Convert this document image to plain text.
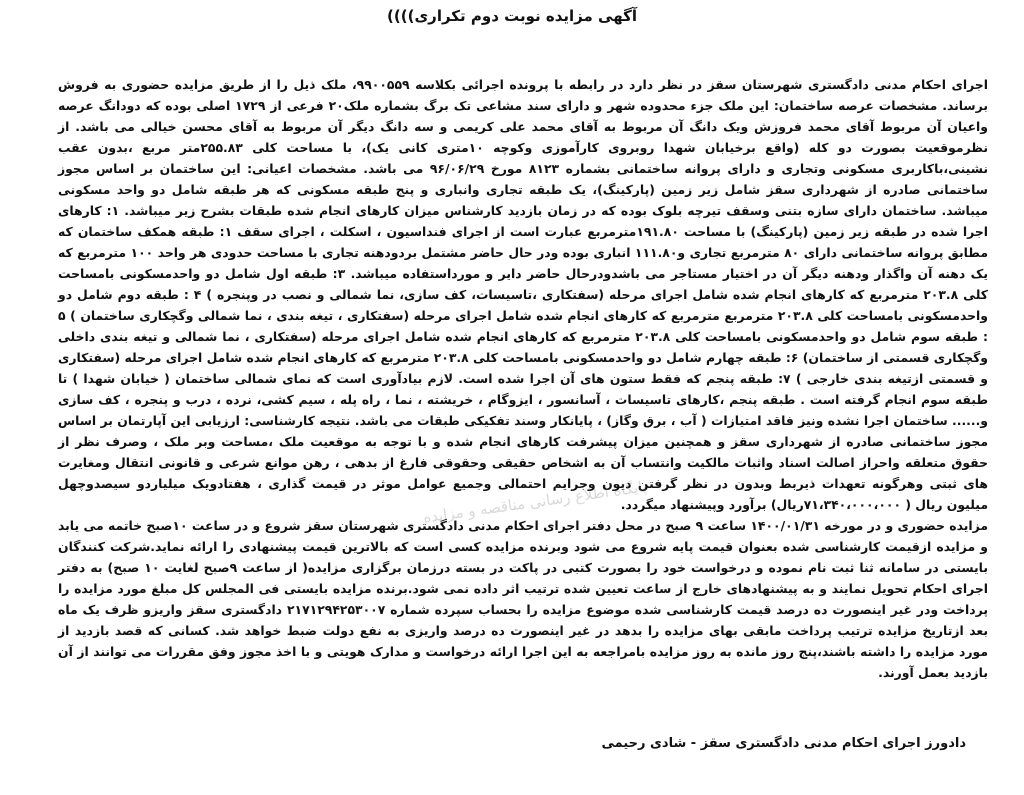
آگهی مزایده نوبت دوم تکراری))))

اجرای احکام مدنی دادگستری شهرستان سقز در نظر دارد در رابطه با پرونده اجرائی بکلاسه ۹۹۰۰۵۵۹، ملک ذیل را از طریق مزایده حضوری به فروش برساند. مشخصات عرصه ساختمان: این ملک جزء محدوده شهر و دارای سند مشاعی تک برگ بشماره ملک۲۰ فرعی از ۱۷۲۹ اصلی بوده که دودانگ عرصه واعیان آن مربوط آقای محمد فروزش ویک دانگ آن مربوط به آقای محمد علی کریمی و سه دانگ دیگر آن مربوط به آقای محسن خیالی می باشد. از نظرموقعیت بصورت دو کله (واقع برخیابان شهدا روبروی کارآموزی وکوچه ۱۰متری کانی یک)، با مساحت کلی ۲۵۵.۸۳متر مربع ،بدون عقب نشینی،باکاربری مسکونی وتجاری و دارای پروانه ساختمانی بشماره ۸۱۲۳ مورخ ۹۶/۰۶/۲۹ می باشد. مشخصات اعیانی: این ساختمان بر اساس مجوز ساختمانی صادره از شهرداری سقز شامل زیر زمین (پارکینگ)، یک طبقه تجاری وانباری و پنج طبقه مسکونی که هر طبقه شامل دو واحد مسکونی میباشد. ساختمان دارای سازه بتنی وسقف تیرچه بلوک بوده که در زمان بازدید کارشناس میزان کارهای انجام شده طبقات بشرح زیر میباشد. ۱: کارهای اجرا شده در طبقه زیر زمین (پارکینگ) با مساحت ۱۹۱.۸۰مترمربع عبارت است از اجرای فنداسیون ، اسکلت ، اجرای سقف ۱: طبقه همکف ساختمان که مطابق پروانه ساختمانی دارای ۸۰ مترمربع تجاری و۱۱۱.۸۰ انباری بوده ودر حال حاضر مشتمل بردودهنه تجاری با مساحت حدودی هر واحد ۱۰۰ مترمربع که یک دهنه آن واگذار ودهنه دیگر آن در اختیار مستاجر می باشدودرحال حاضر دایر و مورداستفاده میباشد. ۳: طبقه اول شامل دو واحدمسکونی بامساحت کلی ۲۰۳.۸ مترمربع که کارهای انجام شده شامل اجرای مرحله (سفتکاری ،تاسیسات، کف سازی، نما شمالی و نصب در وپنجره ) ۴ : طبقه دوم شامل دو واحدمسکونی بامساحت کلی ۲۰۳.۸ مترمربع مترمربع که کارهای انجام شده شامل اجرای مرحله (سفتکاری ، تیغه بندی ، نما شمالی وگچکاری ساختمان ) ۵ : طبقه سوم شامل دو واحدمسکونی بامساحت کلی ۲۰۳.۸ مترمربع که کارهای انجام شده شامل اجرای مرحله (سفتکاری ، نما شمالی و تیغه بندی داخلی وگچکاری قسمتی از ساختمان) ۶: طبقه چهارم شامل دو واحدمسکونی بامساحت کلی ۲۰۳.۸ مترمربع که کارهای انجام شده شامل اجرای مرحله (سفتکاری و قسمتی ازتیغه بندی خارجی ) ۷: طبقه پنجم که فقط ستون های آن اجرا شده است. لازم بیادآوری است که نمای شمالی ساختمان ( خیابان شهدا ) تا طبقه سوم انجام گرفته است . طبقه پنجم ،کارهای تاسیسات ، آسانسور ، ایزوگام ، خریشته ، نما ، راه پله ، سیم کشی، نرده ، درب و پنجره ، کف سازی و...... ساختمان اجرا نشده ونیز فاقد امتیازات ( آب ، برق وگاز) ، پایانکار وسند تفکیکی طبقات می باشد. نتیجه کارشناسی: ارزیابی این آپارتمان بر اساس مجوز ساختمانی صادره از شهرداری سقز و همچنین میزان پیشرفت کارهای انجام شده و با توجه به موقعیت ملک ،مساحت وبر ملک ، وصرف نظر از حقوق متعلقه واحراز اصالت اسناد واثبات مالکیت وانتساب آن به اشخاص حقیقی وحقوقی فارغ از بدهی ، رهن موانع شرعی و قانونی انتقال ومغایرت های ثبتی وهرگونه تعهدات ذیربط وبدون در نظر گرفتن دیون وجرایم احتمالی وجمیع عوامل موثر در قیمت گذاری ، هفتادویک میلیاردو سیصدوچهل میلیون ریال ( ۷۱،۳۴۰،۰۰۰،۰۰۰ریال) برآورد وپیشنهاد میگردد.

مزایده حضوری و در مورخه ۱۴۰۰/۰۱/۳۱ ساعت ۹ صبح در محل دفتر اجرای احکام مدنی دادگستری شهرستان سقز شروع و در ساعت ۱۰صبح خاتمه می یابد و مزایده ازقیمت کارشناسی شده بعنوان قیمت پایه شروع می شود وبرنده مزایده کسی است که بالاترین قیمت پیشنهادی را ارائه نماید.شرکت کنندگان بایستی در سامانه ثنا ثبت نام نموده و درخواست خود را بصورت کتبی در پاکت در بسته درزمان برگزاری مزایده( از ساعت ۹صبح لغایت ۱۰ صبح) به دفتر اجرای احکام تحویل نمایند و به پیشنهادهای خارج از ساعت تعیین شده ترتیب اثر داده نمی شود.برنده مزایده بایستی فی المجلس کل مبلغ مورد مزایده را پرداخت ودر غیر اینصورت ده درصد قیمت کارشناسی شده موضوع مزایده را بحساب سپرده شماره ۲۱۷۱۲۹۴۲۵۳۰۰۷ دادگستری سقز واریزو ظرف یک ماه بعد ازتاریخ مزایده ترتیب پرداخت مابقی بهای مزایده را بدهد در غیر اینصورت ده درصد واریزی به نفع دولت ضبط خواهد شد. کسانی که قصد بازدید از مورد مزایده را داشته باشند،پنج روز مانده به روز مزایده بامراجعه به این اجرا ارائه درخواست و مدارک هویتی و با اخذ مجوز وفق مقررات می توانند از آن بازدید بعمل آورند.

پایگاه اطلاع رسانی مناقصه و مزایده
دادورز اجرای احکام مدنی دادگستری سقز - شادی رحیمی
